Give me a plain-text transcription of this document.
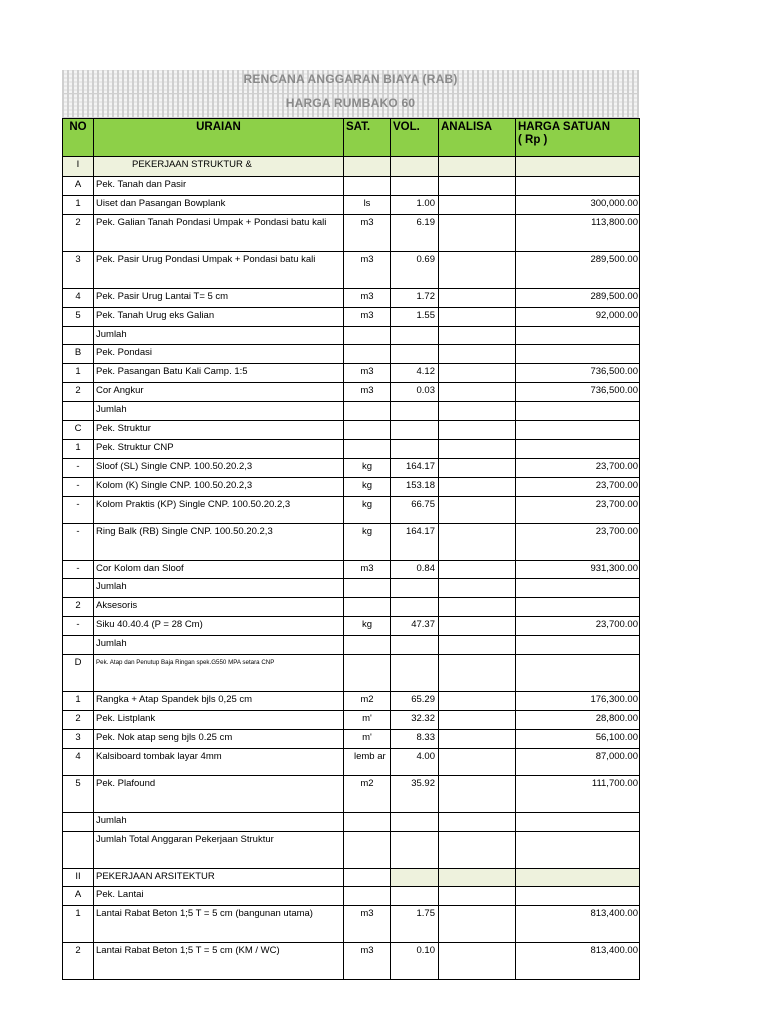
RENCANA ANGGARAN BIAYA (RAB)
HARGA RUMBAKO 60
NO	URAIAN	SAT.	VOL.	ANALISA	HARGA SATUAN
( Rp )
I	PEKERJAAN STRUKTUR &				
A	Pek. Tanah dan Pasir				
1	Uiset dan Pasangan Bowplank	ls	1.00		300,000.00
2	Pek. Galian Tanah Pondasi Umpak + Pondasi batu kali	m3	6.19		113,800.00
3	Pek. Pasir Urug Pondasi Umpak + Pondasi batu kali	m3	0.69		289,500.00
4	Pek. Pasir Urug Lantai T= 5 cm	m3	1.72		289,500.00
5	Pek. Tanah Urug eks Galian	m3	1.55		92,000.00
	Jumlah				
B	Pek. Pondasi				
1	Pek. Pasangan Batu Kali Camp. 1:5	m3	4.12		736,500.00
2	Cor Angkur	m3	0.03		736,500.00
	Jumlah				
C	Pek. Struktur				
1	Pek. Struktur CNP				
-	Sloof (SL) Single CNP. 100.50.20.2,3	kg	164.17		23,700.00
-	Kolom (K) Single CNP. 100.50.20.2,3	kg	153.18		23,700.00
-	Kolom Praktis (KP) Single CNP. 100.50.20.2,3	kg	66.75		23,700.00
-	Ring Balk (RB) Single CNP. 100.50.20.2,3	kg	164.17		23,700.00
-	Cor Kolom dan Sloof	m3	0.84		931,300.00
	Jumlah				
2	Aksesoris				
-	Siku 40.40.4 (P = 28 Cm)	kg	47.37		23,700.00
	Jumlah				
D	Pek. Atap dan Penutup Baja Ringan spek.G550 MPA setara CNP				
1	Rangka + Atap Spandek bjls 0,25 cm	m2	65.29		176,300.00
2	Pek. Listplank	m'	32.32		28,800.00
3	Pek. Nok atap seng bjls 0.25 cm	m'	8.33		56,100.00
4	Kalsiboard tombak layar 4mm	lemb ar	4.00		87,000.00
5	Pek. Plafound	m2	35.92		111,700.00
	Jumlah				
	Jumlah Total Anggaran Pekerjaan Struktur				
II	PEKERJAAN ARSITEKTUR				
A	Pek. Lantai				
1	Lantai Rabat Beton 1;5 T = 5 cm (bangunan utama)	m3	1.75		813,400.00
2	Lantai Rabat Beton 1;5 T = 5 cm (KM / WC)	m3	0.10		813,400.00
